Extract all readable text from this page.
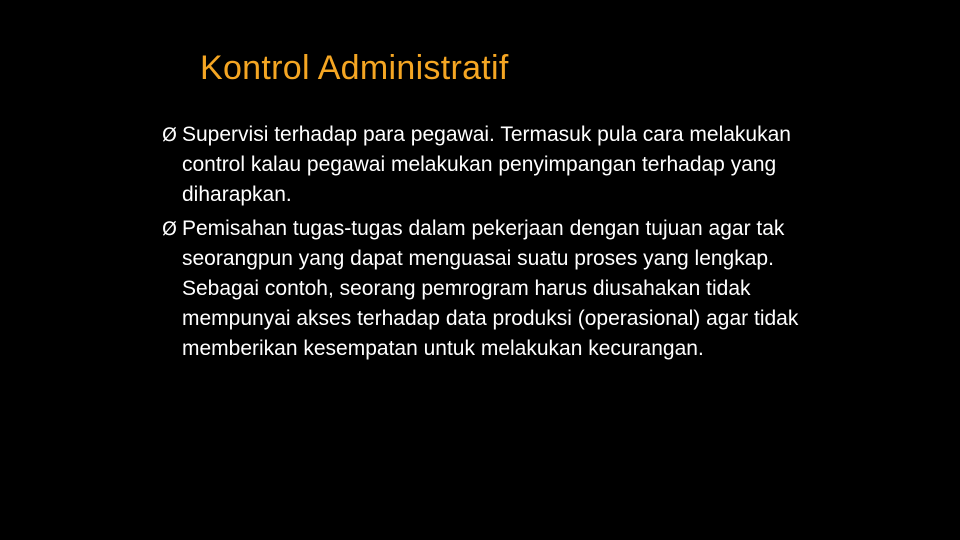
Kontrol Administratif
Ø Supervisi terhadap para pegawai. Termasuk pula cara melakukan control kalau pegawai melakukan penyimpangan terhadap yang diharapkan.
Ø Pemisahan tugas-tugas dalam pekerjaan dengan tujuan agar tak seorangpun yang dapat menguasai suatu proses yang lengkap. Sebagai contoh, seorang pemrogram harus diusahakan tidak mempunyai akses terhadap data produksi (operasional) agar tidak memberikan kesempatan untuk melakukan kecurangan.
